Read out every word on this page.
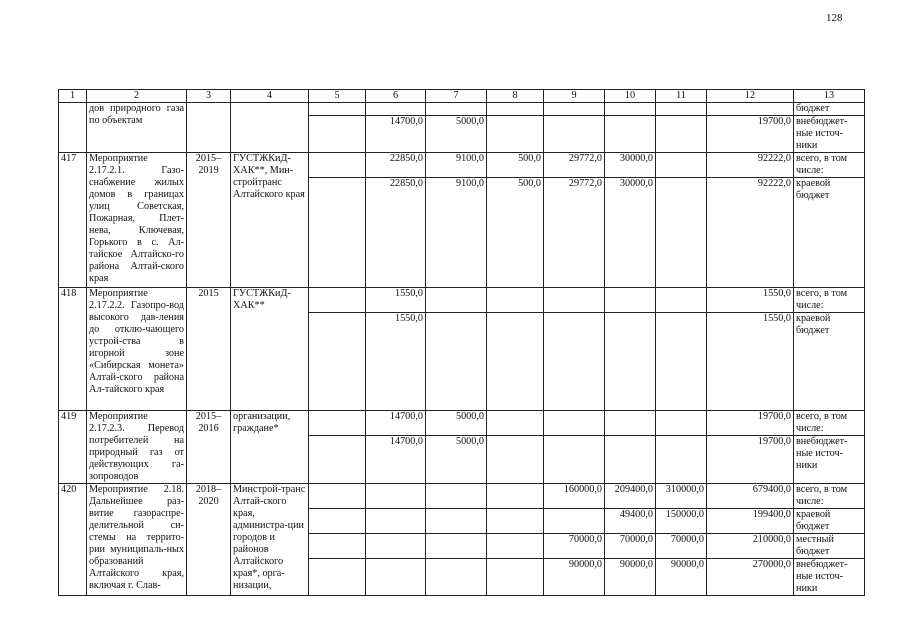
128
1	2	3	4	5	6	7	8	9	10	11	12	13
	дов природного газа по объектам											бюджет
					14700,0	5000,0					19700,0	внебюджет-ные источ-ники
417	Мероприятие 2.17.2.1. Газо-снабжение жилых домов в границах улиц Советская, Пожарная, Плет-нева, Ключевая, Горького в с. Ал-тайское Алтайско-го района Алтай-ского края	2015–2019	ГУСТЖКиД-ХАК**, Мин-стройтранс Алтайского края		22850,0	9100,0	500,0	29772,0	30000,0		92222,0	всего, в том числе:
					22850,0	9100,0	500,0	29772,0	30000,0		92222,0	краевой бюджет
418	Мероприятие 2.17.2.2. Газопро-вод высокого дав-ления до отклю-чающего устрой-ства в игорной зоне «Сибирская монета» Алтай-ского района Ал-тайского края	2015	ГУСТЖКиД-ХАК**		1550,0						1550,0	всего, в том числе:
					1550,0						1550,0	краевой бюджет
419	Мероприятие 2.17.2.3. Перевод потребителей на природный газ от действующих га-зопроводов	2015–2016	организации, граждане*		14700,0	5000,0					19700,0	всего, в том числе:
					14700,0	5000,0					19700,0	внебюджет-ные источ-ники
420	Мероприятие 2.18. Дальнейшее раз-витие газораспре-делительной си-стемы на террито-рии муниципаль-ных образований Алтайского края, включая г. Слав-	2018–2020	Минстрой-транс Алтай-ского края, администра-ции городов и районов Алтайского края*, орга-низации,					160000,0	209400,0	310000,0	679400,0	всего, в том числе:
									49400,0	150000,0	199400,0	краевой бюджет
								70000,0	70000,0	70000,0	210000,0	местный бюджет
								90000,0	90000,0	90000,0	270000,0	внебюджет-ные источ-ники
